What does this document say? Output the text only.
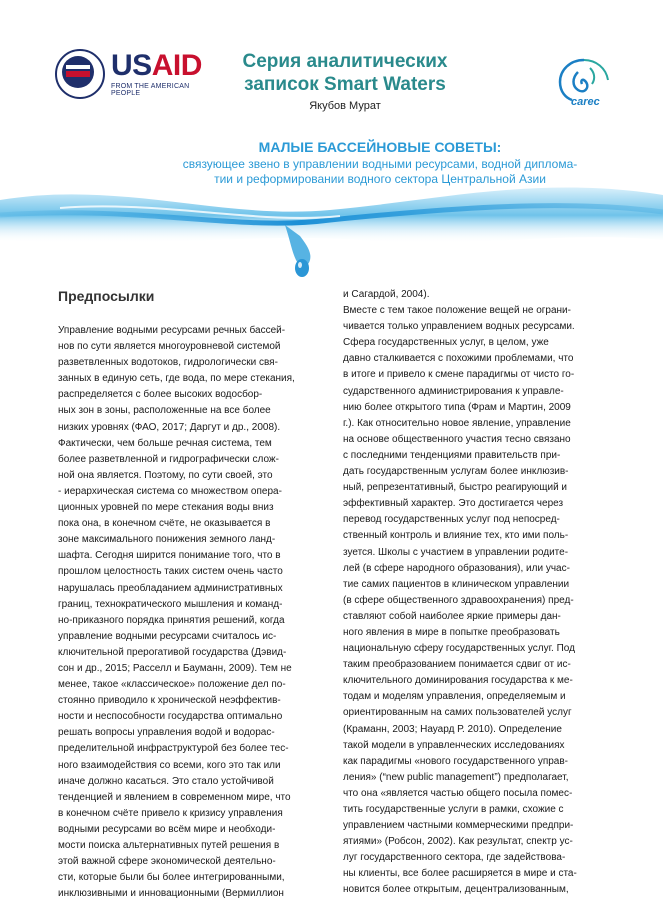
USAID
FROM THE AMERICAN PEOPLE
Серия аналитических записок Smart Waters
Якубов Мурат	carec
МАЛЫЕ БАССЕЙНОВЫЕ СОВЕТЫ:
связующее звено в управлении водными ресурсами, водной диплома-
тии и реформировании водного сектора Центральной Азии
Предпосылки

Управление водными ресурсами речных бассей-
нов по сути является многоуровневой системой
разветвленных водотоков, гидрологически свя-
занных в единую сеть, где вода, по мере стекания,
распределяется с более высоких водосбор-
ных зон в зоны, расположенные на все более
низких уровнях (ФАО, 2017; Даргут и др., 2008).
Фактически, чем больше речная система, тем
более разветвленной и гидрографически слож-
ной она является. Поэтому, по сути своей, это
- иерархическая система со множеством опера-
ционных уровней по мере стекания воды вниз
пока она, в конечном счёте, не оказывается в
зоне максимального понижения земного ланд-
шафта. Сегодня ширится понимание того, что в
прошлом целостность таких систем очень часто
нарушалась преобладанием административных
границ, технократического мышления и команд-
но-приказного порядка принятия решений, когда
управление водными ресурсами считалось ис-
ключительной прерогативой государства (Дэвид-
сон и др., 2015; Расселл и Бауманн, 2009). Тем не
менее, такое «классическое» положение дел по-
стоянно приводило к хронической неэффектив-
ности и неспособности государства оптимально
решать вопросы управления водой и водорас-
пределительной инфраструктурой без более тес-
ного взаимодействия со всеми, кого это так или
иначе должно касаться. Это стало устойчивой
тенденцией и явлением в современном мире, что
в конечном счёте привело к кризису управления
водными ресурсами во всём мире и необходи-
мости поиска альтернативных путей решения в
этой важной сфере экономической деятельно-
сти, которые были бы более интегрированными,
инклюзивными и инновационными (Вермиллион

и Сагардой, 2004).
Вместе с тем такое положение вещей не ограни-
чивается только управлением водных ресурсами.
Сфера государственных услуг, в целом, уже
давно сталкивается с похожими проблемами, что
в итоге и привело к смене парадигмы от чисто го-
сударственного администрирования к управле-
нию более открытого типа (Фрам и Мартин, 2009
г.). Как относительно новое явление, управление
на основе общественного участия тесно связано
с последними тенденциями правительств при-
дать государственным услугам более инклюзив-
ный, репрезентативный, быстро реагирующий и
эффективный характер. Это достигается через
перевод государственных услуг под непосред-
ственный контроль и влияние тех, кто ими поль-
зуется. Школы с участием в управлении родите-
лей (в сфере народного образования), или учас-
тие самих пациентов в клиническом управлении
(в сфере общественного здравоохранения) пред-
ставляют собой наиболее яркие примеры дан-
ного явления в мире в попытке преобразовать
национальную сферу государственных услуг. Под
таким преобразованием понимается сдвиг от ис-
ключительного доминирования государства к ме-
тодам и моделям управления, определяемым и
ориентированным на самих пользователей услуг
(Краманн, 2003; Науард Р. 2010). Определение
такой модели в управленческих исследованиях
как парадигмы «нового государственного управ-
ления» (“new public management”) предполагает,
что она «является частью общего посыла помес-
тить государственные услуги в рамки, схожие с
управлением частными коммерческими предпри-
ятиями» (Робсон, 2002). Как результат, спектр ус-
луг государственного сектора, где задействова-
ны клиенты, все более расширяется в мире и ста-
новится более открытым, децентрализованным,
